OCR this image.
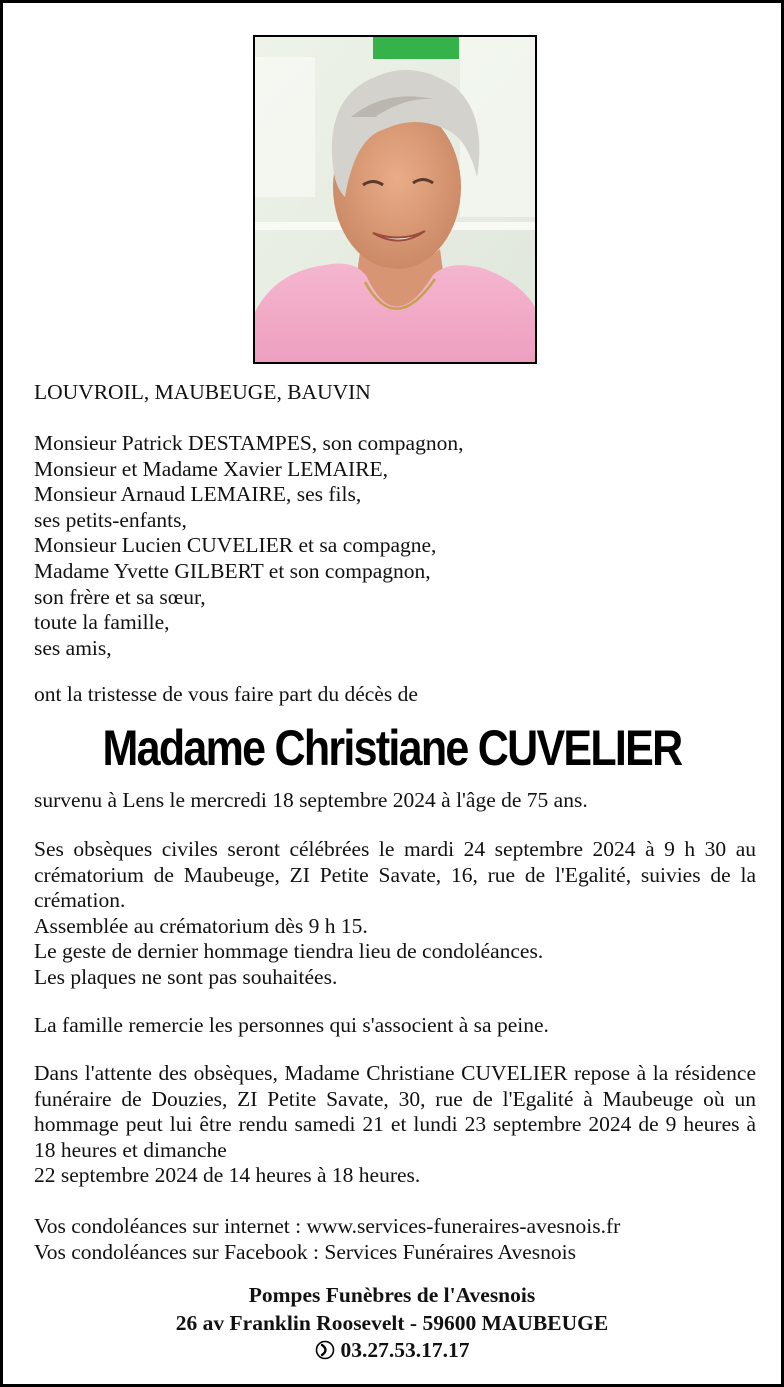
LOUVROIL, MAUBEUGE, BAUVIN

Monsieur Patrick DESTAMPES, son compagnon,
Monsieur et Madame Xavier LEMAIRE,
Monsieur Arnaud LEMAIRE, ses fils,
ses petits-enfants,
Monsieur Lucien CUVELIER et sa compagne,
Madame Yvette GILBERT et son compagnon,
son frère et sa sœur,
toute la famille,
ses amis,

ont la tristesse de vous faire part du décès de

Madame Christiane CUVELIER

survenu à Lens le mercredi 18 septembre 2024 à l'âge de 75 ans.

Ses obsèques civiles seront célébrées le mardi 24 septembre 2024 à 9 h 30 au crématorium de Maubeuge, ZI Petite Savate, 16, rue de l'Egalité, suivies de la crémation.
Assemblée au crématorium dès 9 h 15.
Le geste de dernier hommage tiendra lieu de condoléances.
Les plaques ne sont pas souhaitées.

La famille remercie les personnes qui s'associent à sa peine.

Dans l'attente des obsèques, Madame Christiane CUVELIER repose à la résidence funéraire de Douzies, ZI Petite Savate, 30, rue de l'Egalité à Maubeuge où un hommage peut lui être rendu samedi 21 et lundi 23 septembre 2024 de 9 heures à 18 heures et dimanche
22 septembre 2024 de 14 heures à 18 heures.
Vos condoléances sur internet : www.services-funeraires-avesnois.fr
Vos condoléances sur Facebook : Services Funéraires Avesnois
Pompes Funèbres de l'Avesnois
26 av Franklin Roosevelt - 59600 MAUBEUGE
03.27.53.17.17
